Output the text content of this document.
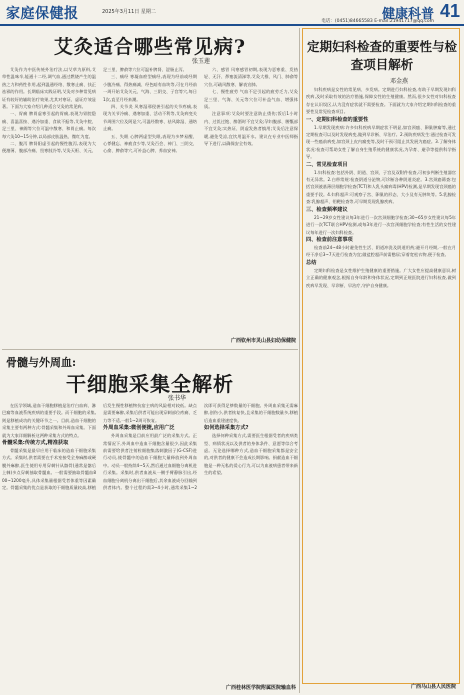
家庭保健报	2025年3月11日 星期二	健康科普 41
电话：(0451)84665583 E-mail:2194171​7@qq.com
艾灸适合哪些常见病?
张玉莲

艾灸作为中医传统外治疗法,以艾草为原料,艾草性温味辛,能通十二经,调气血,通过燃烧产生的温热之力和药性作用,起到温通经络、散寒止痛、扶正祛邪的作用。长期临床实践证明,艾灸对多种常见病证有较好的辅助治疗效果,尤其对寒证、虚证疗效显著。下面为大家介绍几种适合艾灸的常见病。

一、胃痛 脾胃虚寒引起的胃痛,表现为胃脘隐痛、喜温喜按、遇冷加重、食欲不振等,艾灸中脘、足三里、神阙等穴位可温中散寒、和胃止痛。每次每穴灸10~15分钟,以局部皮肤温热、微红为度。

二、腹泻 脾肾阳虚引起的慢性腹泻,表现为大便溏薄、腹部冷痛、畏寒肢冷等,艾灸天枢、关元、足三里、脾俞等穴位可温补脾肾、涩肠止泻。

三、痛经 寒凝血瘀型痛经,表现为经前或经期小腹冷痛、得热痛减、经色暗有血块等,可在月经前一周开始艾灸关元、气海、三阴交、子宫等穴,每日1次,直至月经来潮。

四、关节炎 风寒湿邪侵袭引起的关节疼痛,表现为关节冷痛、遇寒加重、活动不利等,艾灸病变关节周围穴位及阿是穴,可温经散寒、祛风除湿、通络止痛。

五、失眠 心脾两虚型失眠,表现为多梦易醒、心悸健忘、神疲食少等,艾灸百会、神门、三阴交、心俞、脾俞等穴,可补益心脾、养血安神。

六、感冒 风寒感冒初期,表现为恶寒重、发热轻、无汗、鼻塞流清涕等,艾灸大椎、风门、肺俞等穴位,可疏风散寒、解表宣肺。

七、慢性疲劳 气血不足引起的疲劳乏力,艾灸足三里、气海、关元等穴位可补益气血、增强体质。

注意事项:艾灸时要注意防止烫伤;饭后1小时内、过饥过饱、醉酒时不宜艾灸;孕妇腹部、腰骶部不宜艾灸;实热证、阴虚发热者慎用;艾灸后注意保暖,避免受凉,宜饮用温开水。建议在专业中医师指导下进行,以确保安全有效。

广西钦州市灵山县妇幼保健院
骨髓与外周血:
干细胞采集全解析
张书华

在医学领域,造血干细胞移植是治疗白血病、淋巴瘤等血液系统疾病的重要手段。而干细胞的采集,则是移植成功的关键环节之一。目前,造血干细胞的采集主要有两种方式:骨髓采集和外周血采集。下面就为大家详细解析这两种采集方式的特点。

骨髓采集:传统方式,精准获取

骨髓采集是最早应用于临床的造血干细胞采集方式。采集时,供者需要在手术室接受全身麻醉或硬膜外麻醉,医生使用专用穿刺针从髂骨(通常是髂后上棘)多点穿刺抽取骨髓血。一般需要抽取骨髓血800~1200毫升,具体采集量根据受者体重等因素确定。骨髓采集的优点是获取的干细胞质量较高,移植后发生慢性移植物抗宿主病的风险相对较低。缺点是需要麻醉,采集后供者可能出现穿刺部位疼痛、乏力等不适,一般1~2周可恢复。

外周血采集:微创便捷,应用广泛

外周血采集是目前应用最广泛的采集方式。正常情况下,外周血中造血干细胞含量很少,因此采集前需要给供者注射粒细胞集落刺激因子(G-CSF)进行动员,使骨髓中的造血干细胞大量释放到外周血中。动员一般持续4~5天,然后通过血细胞分离机进行采集。采集时,供者血液从一侧手臂静脉引出,经血细胞分离机分离出干细胞后,其余血液成分回输到供者体内。整个过程约需3~4小时,通常采集1~2次即可获得足够数量的干细胞。外周血采集无需麻醉,创伤小,供者恢复快,且采集的干细胞数量多,移植后造血重建速度快。

如何选择采集方式?

选择何种采集方式,需要医生根据受者的疾病类型、病情状况以及供者的身体条件、意愿等综合考虑。无论选择哪种方式,造血干细胞采集都是安全的,对供者的健康不会造成长期影响。捐献造血干细胞是一种无私的爱心行为,可以为血液病患者带来新生的希望。

广西桂林医学院附属医院输血科
定期妇科检查的重要性与检查项目解析
邓金燕

妇科疾病是女性的常见病、多发病。定期进行妇科检查,有助于早期发现妇科疾病,及时采取有效的治疗措施,保障女性的生殖健康。然而,很多女性对妇科检查存在认识误区,认为没有症状就不需要检查。下面就为大家介绍定期妇科检查的重要性及常见检查项目。

一、定期妇科检查的重要性

1.早期发现疾病:许多妇科疾病早期症状不明显,如宫颈癌、卵巢肿瘤等,通过定期检查可以及时发现病变,做到早诊断、早治疗。2.预防疾病发生:通过检查可发现一些癌前病变,如宫颈上皮内瘤变等,及时干预可阻止其发展为癌症。3.了解身体状况:检查可帮助女性了解自身生殖系统的健康状况,为孕育、避孕等提供科学指导。

二、常见检查项目

1.妇科检查:包括外阴、阴道、宫颈、子宫及双附件检查,可初步判断生殖器官有无异常。2.白带常规:检查阴道分泌物,可诊断各种阴道炎症。3.宫颈癌筛查:包括宫颈液基薄层细胞学检查(TCT)和人乳头瘤病毒(HPV)检测,是早期发现宫颈癌的重要手段。4.妇科超声:可观察子宫、卵巢的形态、大小及有无肿块等。5.乳腺检查:乳腺超声、钼靶检查等,可早期发现乳腺疾病。

三、检查频率建议

21~29岁女性建议每3年进行一次宫颈细胞学检查;30~65岁女性建议每5年进行一次TCT联合HPV检测,或每3年进行一次宫颈细胞学检查;有性生活的女性建议每年进行一次妇科检查。

四、检查前注意事项

检查前24~48小时避免性生活、阴道冲洗及阴道用药;避开月经期,一般在月经干净后3~7天进行检查为宜;做盆腔超声前需憋尿;穿着宽松衣物,便于检查。

总结

定期妇科检查是女性维护生殖健康的重要措施。广大女性应提高健康意识,树立正确的健康观念,根据自身年龄和身体状况,定期到正规医院进行妇科检查,做到疾病早发现、早诊断、早治疗,守护自身健康。

广西马山县人民医院
